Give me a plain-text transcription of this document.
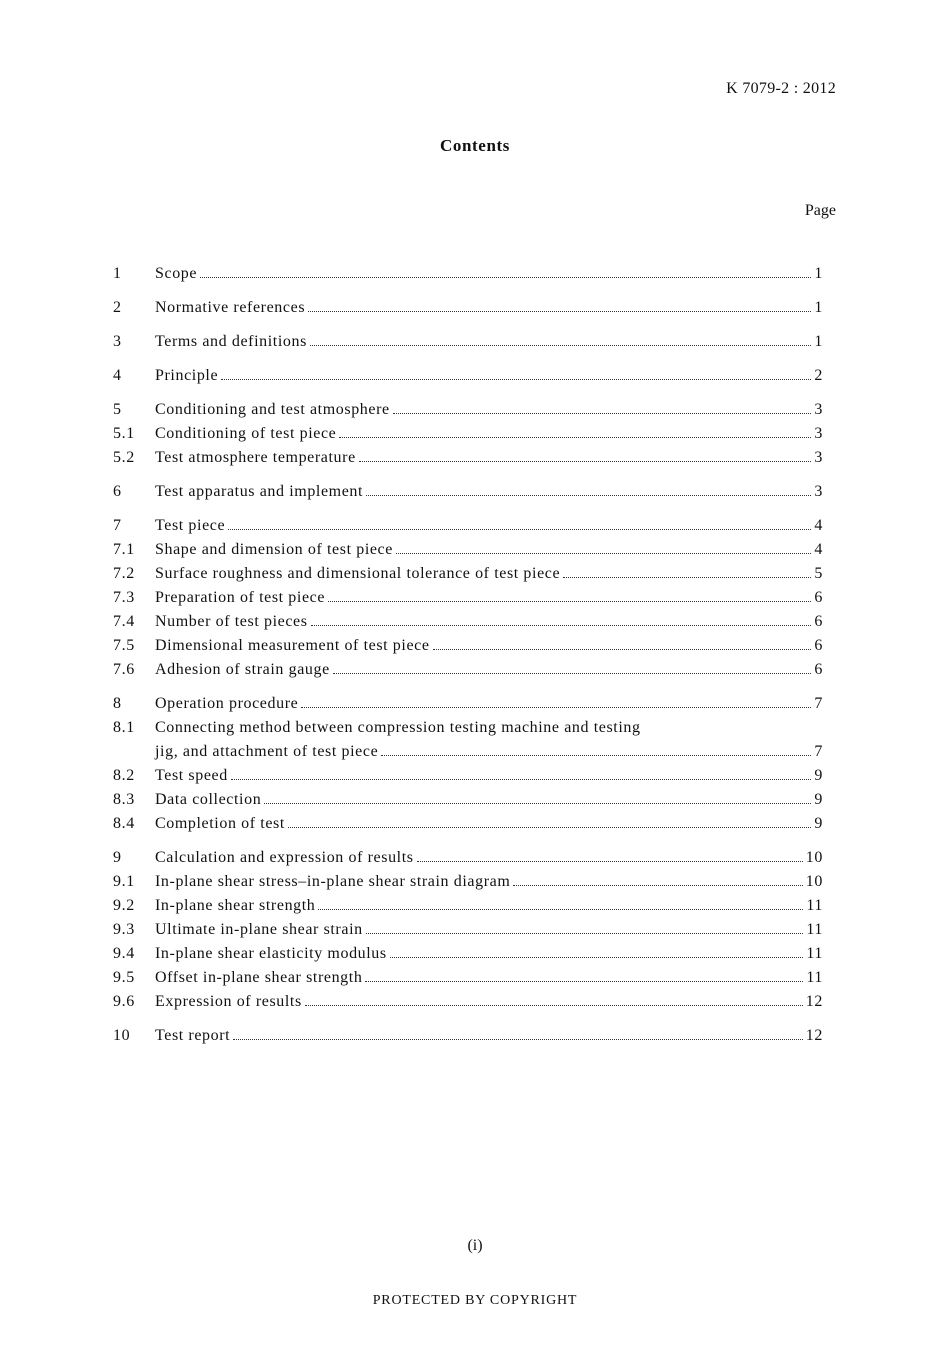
K 7079-2 : 2012
Contents
Page
1	Scope	1
2	Normative references	1
3	Terms and definitions	1
4	Principle	2
5	Conditioning and test atmosphere	3
5.1	Conditioning of test piece	3
5.2	Test atmosphere temperature	3
6	Test apparatus and implement	3
7	Test piece	4
7.1	Shape and dimension of test piece	4
7.2	Surface roughness and dimensional tolerance of test piece	5
7.3	Preparation of test piece	6
7.4	Number of test pieces	6
7.5	Dimensional measurement of test piece	6
7.6	Adhesion of strain gauge	6
8	Operation procedure	7
8.1	Connecting method between compression testing machine and testing
jig, and attachment of test piece	7
8.2	Test speed	9
8.3	Data collection	9
8.4	Completion of test	9
9	Calculation and expression of results	10
9.1	In-plane shear stress–in-plane shear strain diagram	10
9.2	In-plane shear strength	11
9.3	Ultimate in-plane shear strain	11
9.4	In-plane shear elasticity modulus	11
9.5	Offset in-plane shear strength	11
9.6	Expression of results	12
10	Test report	12
(i)
PROTECTED BY COPYRIGHT
